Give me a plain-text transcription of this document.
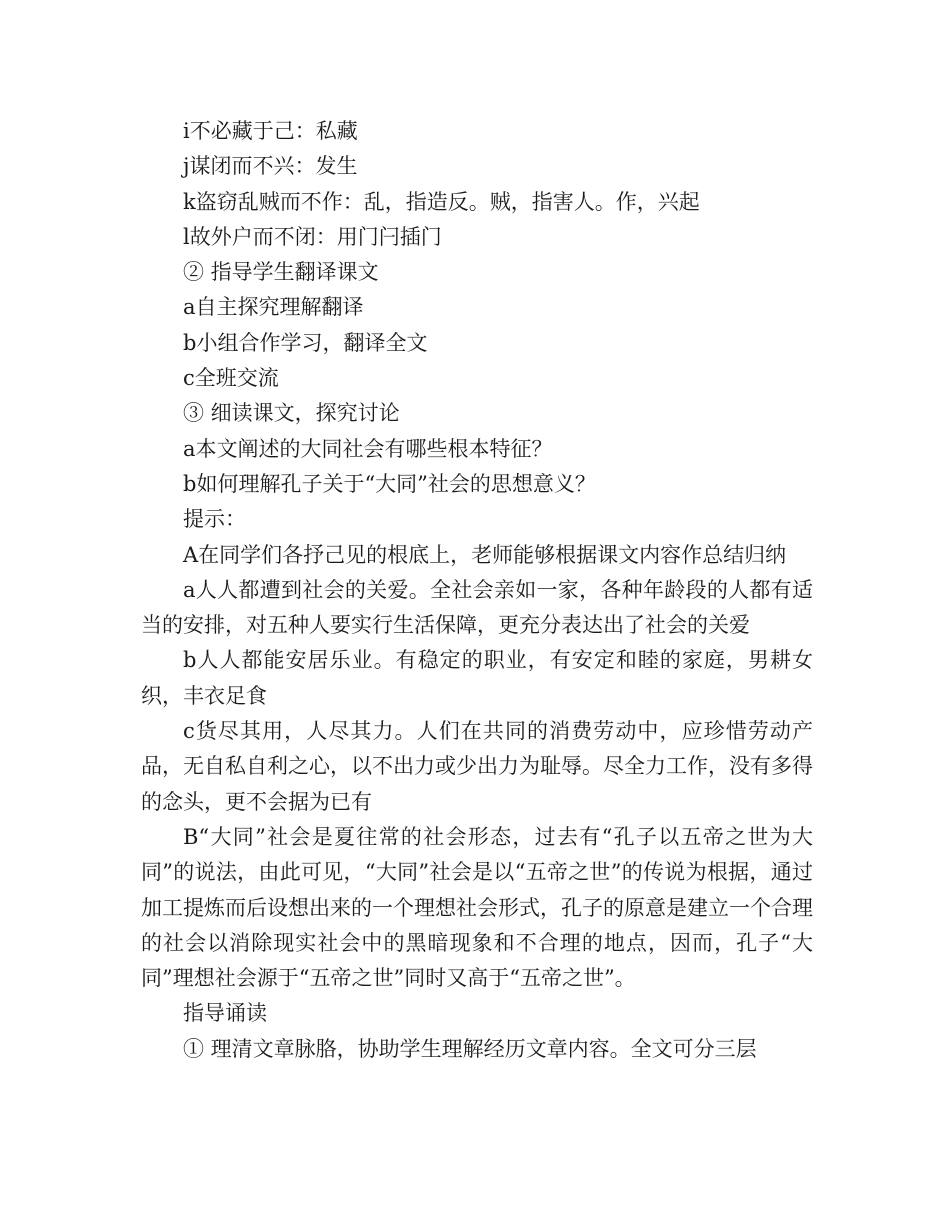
i不必藏于己：私藏

j谋闭而不兴：发生

k盗窃乱贼而不作：乱，指造反。贼，指害人。作，兴起

l故外户而不闭：用门闩插门

② 指导学生翻译课文

a自主探究理解翻译

b小组合作学习，翻译全文

c全班交流

③ 细读课文，探究讨论

a本文阐述的大同社会有哪些根本特征？

b如何理解孔子关于“大同”社会的思想意义？

提示：

A在同学们各抒己见的根底上，老师能够根据课文内容作总结归纳

a人人都遭到社会的关爱。全社会亲如一家，各种年龄段的人都有适当的安排，对五种人要实行生活保障，更充分表达出了社会的关爱

b人人都能安居乐业。有稳定的职业，有安定和睦的家庭，男耕女织，丰衣足食

c货尽其用，人尽其力。人们在共同的消费劳动中，应珍惜劳动产品，无自私自利之心，以不出力或少出力为耻辱。尽全力工作，没有多得的念头，更不会据为已有

B“大同”社会是夏往常的社会形态，过去有“孔子以五帝之世为大同”的说法，由此可见，“大同”社会是以“五帝之世”的传说为根据，通过加工提炼而后设想出来的一个理想社会形式，孔子的原意是建立一个合理的社会以消除现实社会中的黑暗现象和不合理的地点，因而，孔子“大同”理想社会源于“五帝之世”同时又高于“五帝之世”。

指导诵读

① 理清文章脉胳，协助学生理解经历文章内容。全文可分三层
